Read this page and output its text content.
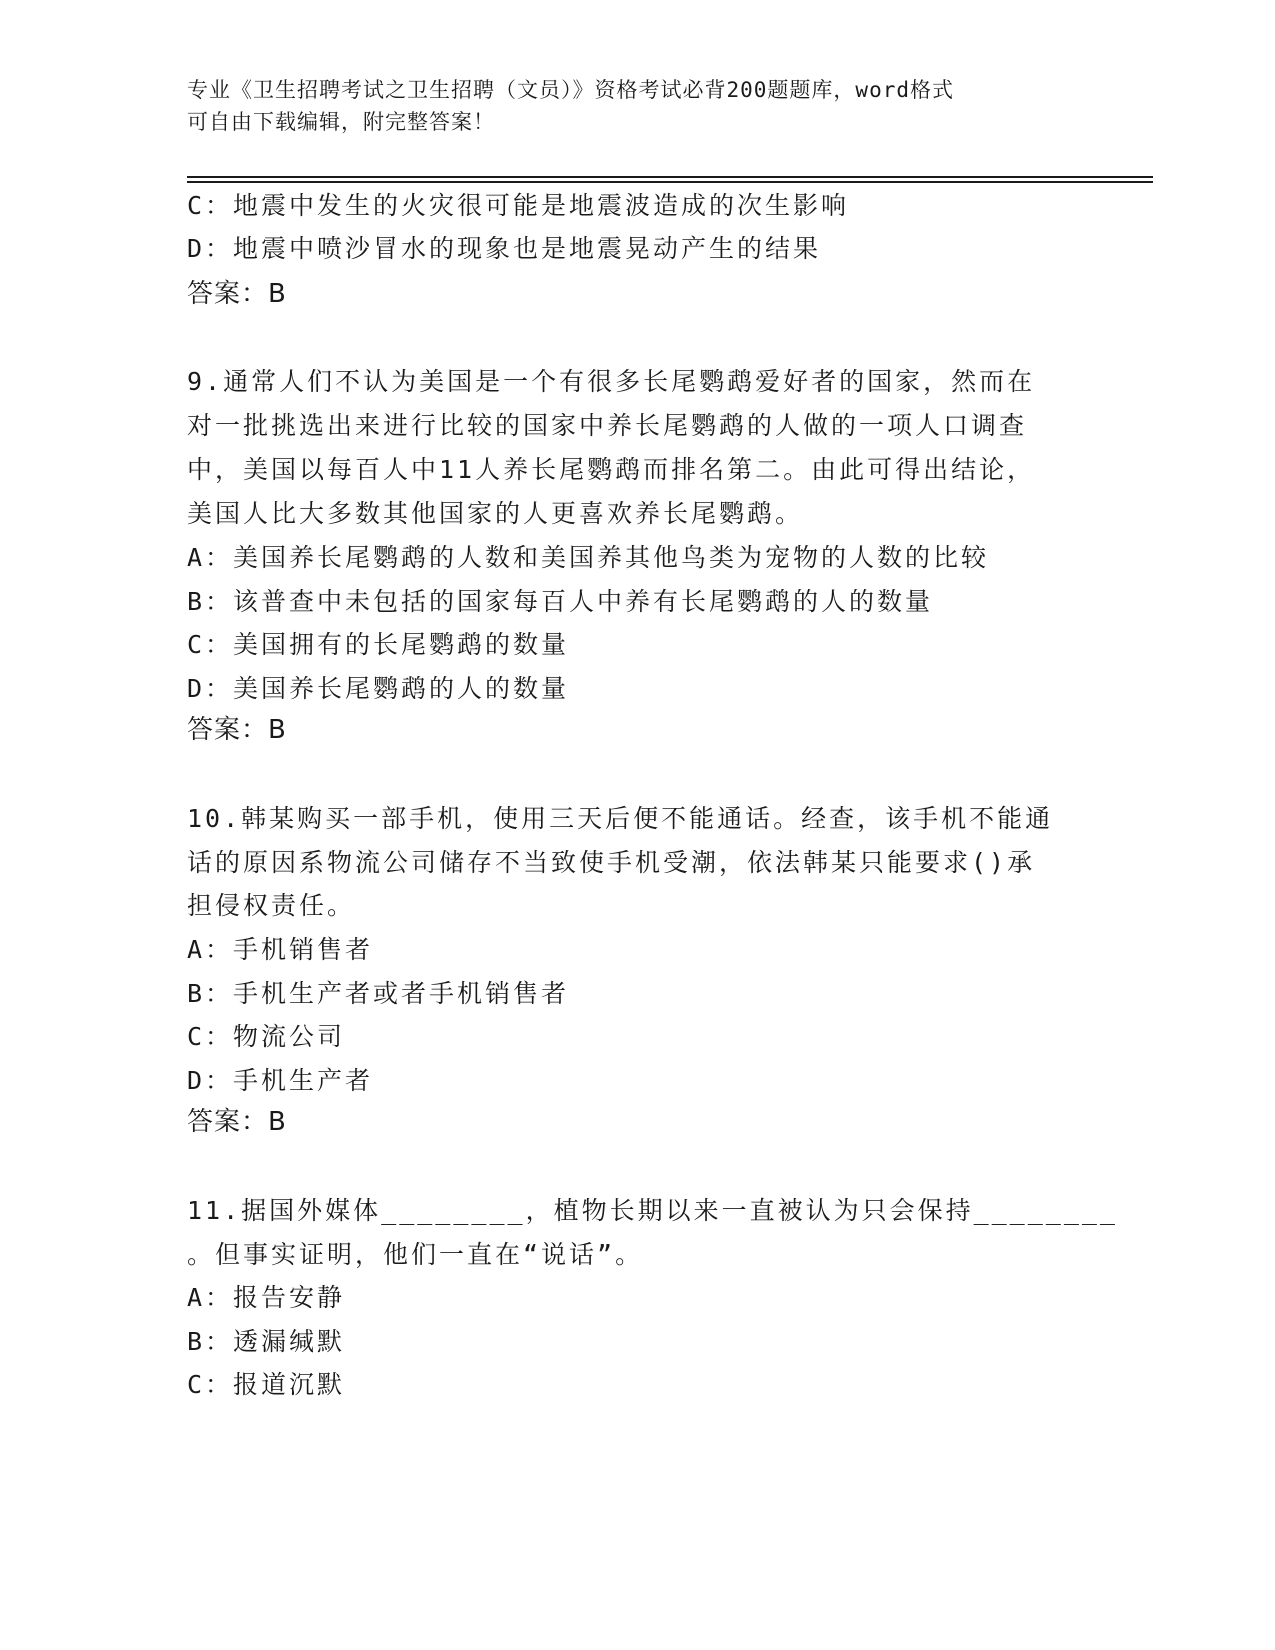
专业《卫生招聘考试之卫生招聘（文员）》资格考试必背200题题库，word格式
可自由下载编辑，附完整答案！
C：地震中发生的火灾很可能是地震波造成的次生影响
D：地震中喷沙冒水的现象也是地震晃动产生的结果
答案：B
9.通常人们不认为美国是一个有很多长尾鹦鹉爱好者的国家，然而在
对一批挑选出来进行比较的国家中养长尾鹦鹉的人做的一项人口调查
中，美国以每百人中11人养长尾鹦鹉而排名第二。由此可得出结论，
美国人比大多数其他国家的人更喜欢养长尾鹦鹉。
A：美国养长尾鹦鹉的人数和美国养其他鸟类为宠物的人数的比较
B：该普查中未包括的国家每百人中养有长尾鹦鹉的人的数量
C：美国拥有的长尾鹦鹉的数量
D：美国养长尾鹦鹉的人的数量
答案：B
10.韩某购买一部手机，使用三天后便不能通话。经查，该手机不能通
话的原因系物流公司储存不当致使手机受潮，依法韩某只能要求()承
担侵权责任。
A：手机销售者
B：手机生产者或者手机销售者
C：物流公司
D：手机生产者
答案：B
11.据国外媒体________，植物长期以来一直被认为只会保持________
。但事实证明，他们一直在“说话”。
A：报告安静
B：透漏缄默
C：报道沉默
